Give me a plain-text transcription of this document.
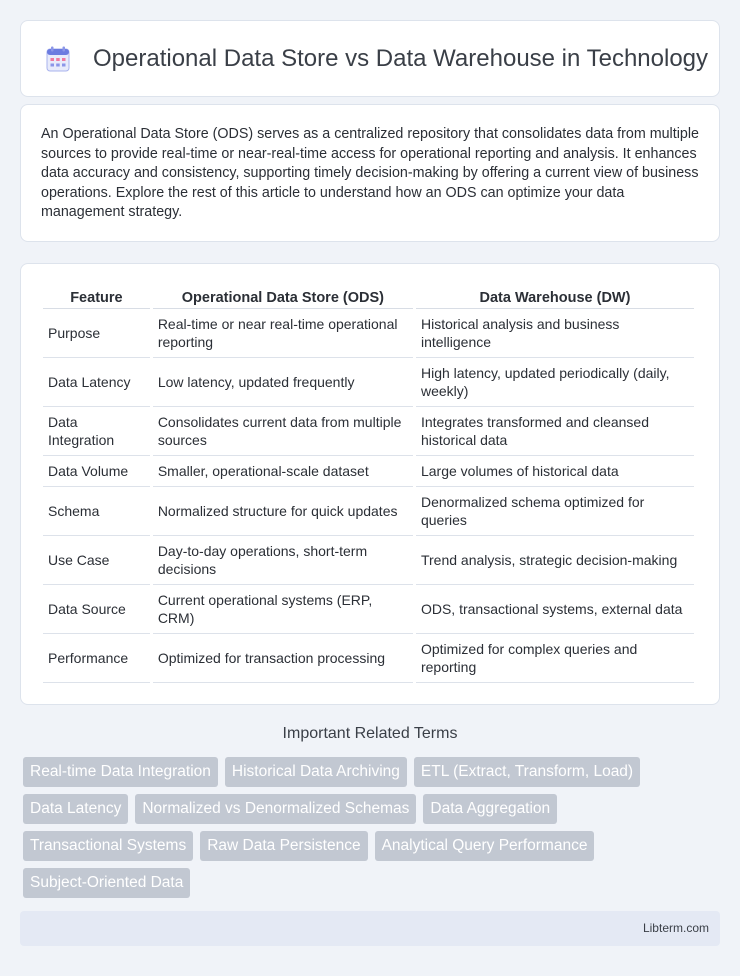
Operational Data Store vs Data Warehouse in Technology

An Operational Data Store (ODS) serves as a centralized repository that consolidates data from multiple sources to provide real-time or near-real-time access for operational reporting and analysis. It enhances data accuracy and consistency, supporting timely decision-making by offering a current view of business operations. Explore the rest of this article to understand how an ODS can optimize your data management strategy.

Feature	Operational Data Store (ODS)	Data Warehouse (DW)
Purpose	Real-time or near real-time operational reporting	Historical analysis and business intelligence
Data Latency	Low latency, updated frequently	High latency, updated periodically (daily, weekly)
Data Integration	Consolidates current data from multiple sources	Integrates transformed and cleansed historical data
Data Volume	Smaller, operational-scale dataset	Large volumes of historical data
Schema	Normalized structure for quick updates	Denormalized schema optimized for queries
Use Case	Day-to-day operations, short-term decisions	Trend analysis, strategic decision-making
Data Source	Current operational systems (ERP, CRM)	ODS, transactional systems, external data
Performance	Optimized for transaction processing	Optimized for complex queries and reporting
Important Related Terms
Real-time Data Integration	Historical Data Archiving	ETL (Extract, Transform, Load)
Data Latency	Normalized vs Denormalized Schemas	Data Aggregation
Transactional Systems	Raw Data Persistence	Analytical Query Performance
Subject-Oriented Data
Libterm.com
